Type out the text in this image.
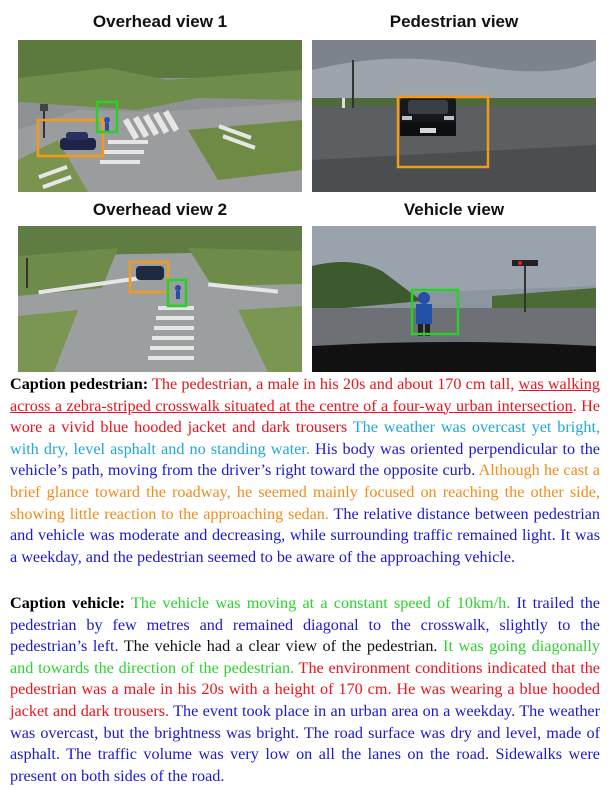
Overhead view 1	Pedestrian view
Overhead view 2	Vehicle view
Caption pedestrian: The pedestrian, a male in his 20s and about 170 cm tall, was walking across a zebra-striped crosswalk situated at the centre of a four-way urban intersection. He wore a vivid blue hooded jacket and dark trousers The weather was overcast yet bright, with dry, level asphalt and no standing water. His body was oriented perpendicular to the vehicle’s path, moving from the driver’s right toward the opposite curb. Although he cast a brief glance toward the roadway, he seemed mainly focused on reaching the other side, showing little reaction to the approaching sedan. The relative distance between pedestrian and vehicle was moderate and decreasing, while surrounding traffic remained light. It was a weekday, and the pedestrian seemed to be aware of the approaching vehicle.
Caption vehicle: The vehicle was moving at a constant speed of 10km/h. It trailed the pedestrian by few metres and remained diagonal to the crosswalk, slightly to the pedestrian’s left. The vehicle had a clear view of the pedestrian. It was going diagonally and towards the direction of the pedestrian. The environment conditions indicated that the pedestrian was a male in his 20s with a height of 170 cm. He was wearing a blue hooded jacket and dark trousers. The event took place in an urban area on a weekday. The weather was overcast, but the brightness was bright. The road surface was dry and level, made of asphalt. The traffic volume was very low on all the lanes on the road. Sidewalks were present on both sides of the road.
